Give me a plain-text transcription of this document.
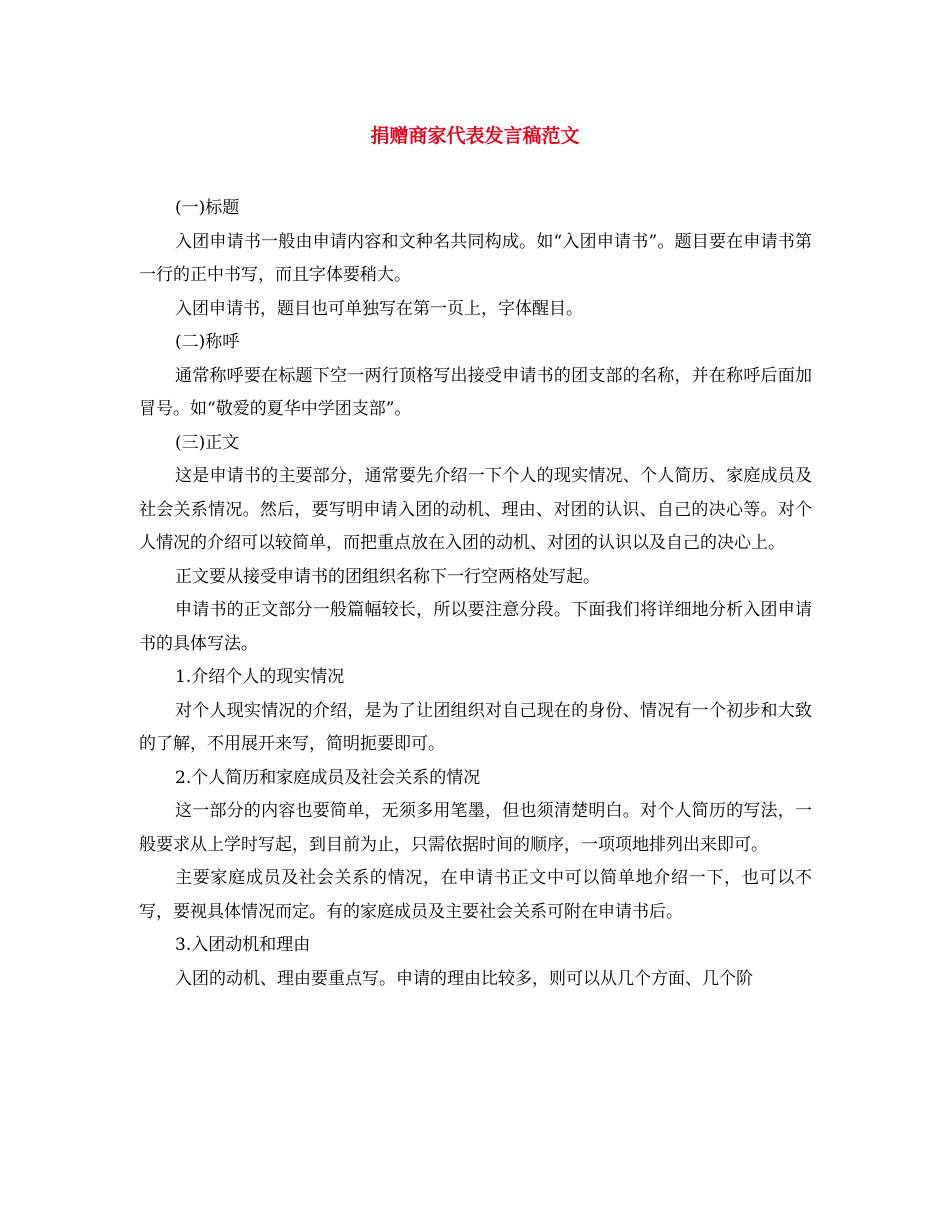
捐赠商家代表发言稿范文

(一)标题

入团申请书一般由申请内容和文种名共同构成。如“入团申请书”。题目要在申请书第一行的正中书写，而且字体要稍大。

入团申请书，题目也可单独写在第一页上，字体醒目。

(二)称呼

通常称呼要在标题下空一两行顶格写出接受申请书的团支部的名称，并在称呼后面加冒号。如“敬爱的夏华中学团支部”。

(三)正文

这是申请书的主要部分，通常要先介绍一下个人的现实情况、个人简历、家庭成员及社会关系情况。然后，要写明申请入团的动机、理由、对团的认识、自己的决心等。对个人情况的介绍可以较简单，而把重点放在入团的动机、对团的认识以及自己的决心上。

正文要从接受申请书的团组织名称下一行空两格处写起。

申请书的正文部分一般篇幅较长，所以要注意分段。下面我们将详细地分析入团申请书的具体写法。

1.介绍个人的现实情况

对个人现实情况的介绍，是为了让团组织对自己现在的身份、情况有一个初步和大致的了解，不用展开来写，简明扼要即可。

2.个人简历和家庭成员及社会关系的情况

这一部分的内容也要简单，无须多用笔墨，但也须清楚明白。对个人简历的写法，一般要求从上学时写起，到目前为止，只需依据时间的顺序，一项项地排列出来即可。

主要家庭成员及社会关系的情况，在申请书正文中可以简单地介绍一下，也可以不写，要视具体情况而定。有的家庭成员及主要社会关系可附在申请书后。

3.入团动机和理由

入团的动机、理由要重点写。申请的理由比较多，则可以从几个方面、几个阶
